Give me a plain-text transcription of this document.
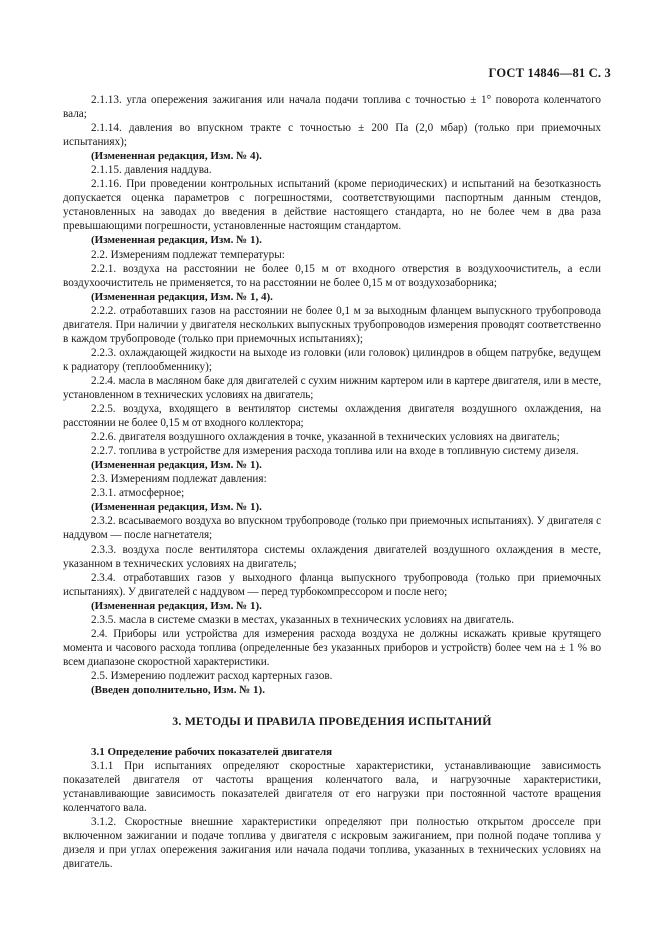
ГОСТ 14846—81 С. 3

2.1.13. угла опережения зажигания или начала подачи топлива с точностью ± 1° поворота коленчатого вала;

2.1.14. давления во впускном тракте с точностью ± 200 Па (2,0 мбар) (только при приемочных испытаниях);

(Измененная редакция, Изм. № 4).

2.1.15. давления наддува.

2.1.16. При проведении контрольных испытаний (кроме периодических) и испытаний на безотказность допускается оценка параметров с погрешностями, соответствующими паспортным данным стендов, установленных на заводах до введения в действие настоящего стандарта, но не более чем в два раза превышающими погрешности, установленные настоящим стандартом.

(Измененная редакция, Изм. № 1).

2.2. Измерениям подлежат температуры:

2.2.1. воздуха на расстоянии не более 0,15 м от входного отверстия в воздухоочиститель, а если воздухоочиститель не применяется, то на расстоянии не более 0,15 м от воздухозаборника;

(Измененная редакция, Изм. № 1, 4).

2.2.2. отработавших газов на расстоянии не более 0,1 м за выходным фланцем выпускного трубопровода двигателя. При наличии у двигателя нескольких выпускных трубопроводов измерения проводят соответственно в каждом трубопроводе (только при приемочных испытаниях);

2.2.3. охлаждающей жидкости на выходе из головки (или головок) цилиндров в общем патрубке, ведущем к радиатору (теплообменнику);

2.2.4. масла в масляном баке для двигателей с сухим нижним картером или в картере двигателя, или в месте, установленном в технических условиях на двигатель;

2.2.5. воздуха, входящего в вентилятор системы охлаждения двигателя воздушного охлаждения, на расстоянии не более 0,15 м от входного коллектора;

2.2.6. двигателя воздушного охлаждения в точке, указанной в технических условиях на двигатель;

2.2.7. топлива в устройстве для измерения расхода топлива или на входе в топливную систему дизеля.

(Измененная редакция, Изм. № 1).

2.3. Измерениям подлежат давления:

2.3.1. атмосферное;

(Измененная редакция, Изм. № 1).

2.3.2. всасываемого воздуха во впускном трубопроводе (только при приемочных испытаниях). У двигателя с наддувом — после нагнетателя;

2.3.3. воздуха после вентилятора системы охлаждения двигателей воздушного охлаждения в месте, указанном в технических условиях на двигатель;

2.3.4. отработавших газов у выходного фланца выпускного трубопровода (только при приемочных испытаниях). У двигателей с наддувом — перед турбокомпрессором и после него;

(Измененная редакция, Изм. № 1).

2.3.5. масла в системе смазки в местах, указанных в технических условиях на двигатель.

2.4. Приборы или устройства для измерения расхода воздуха не должны искажать кривые крутящего момента и часового расхода топлива (определенные без указанных приборов и устройств) более чем на ± 1 % во всем диапазоне скоростной характеристики.

2.5. Измерению подлежит расход картерных газов.

(Введен дополнительно, Изм. № 1).

3. МЕТОДЫ И ПРАВИЛА ПРОВЕДЕНИЯ ИСПЫТАНИЙ

3.1 Определение рабочих показателей двигателя

3.1.1 При испытаниях определяют скоростные характеристики, устанавливающие зависимость показателей двигателя от частоты вращения коленчатого вала, и нагрузочные характеристики, устанавливающие зависимость показателей двигателя от его нагрузки при постоянной частоте вращения коленчатого вала.

3.1.2. Скоростные внешние характеристики определяют при полностью открытом дросселе при включенном зажигании и подаче топлива у двигателя с искровым зажиганием, при полной подаче топлива у дизеля и при углах опережения зажигания или начала подачи топлива, указанных в технических условиях на двигатель.
